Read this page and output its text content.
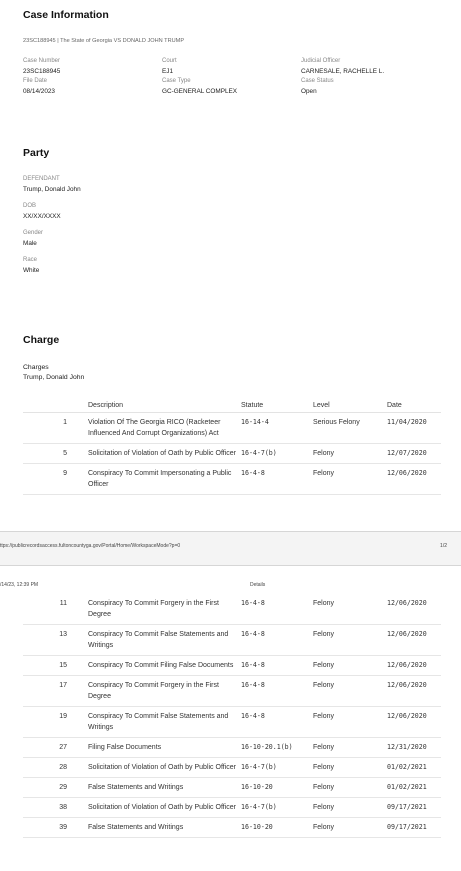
Case Information
23SC188945 | The State of Georgia VS DONALD JOHN TRUMP
Case Number
23SC188945
File Date
08/14/2023
Court
EJ1
Case Type
GC-GENERAL COMPLEX
Judicial Officer
CARNESALE, RACHELLE L.
Case Status
Open
Party
DEFENDANT
Trump, Donald John
DOB
XX/XX/XXXX
Gender
Male
Race
White
Charge
Charges
Trump, Donald John
	Description	Statute	Level	Date
1	Violation Of The Georgia RICO (Racketeer Influenced And Corrupt Organizations) Act	16-14-4	Serious Felony	11/04/2020
5	Solicitation of Violation of Oath by Public Officer	16-4-7(b)	Felony	12/07/2020
9	Conspiracy To Commit Impersonating a Public Officer	16-4-8	Felony	12/06/2020
ttps://publicrecordsaccess.fultoncountyga.gov/Portal/Home/WorkspaceMode?p=0	1/2
11	Conspiracy To Commit Forgery in the First Degree	16-4-8	Felony	12/06/2020
13	Conspiracy To Commit False Statements and Writings	16-4-8	Felony	12/06/2020
15	Conspiracy To Commit Filing False Documents	16-4-8	Felony	12/06/2020
17	Conspiracy To Commit Forgery in the First Degree	16-4-8	Felony	12/06/2020
19	Conspiracy To Commit False Statements and Writings	16-4-8	Felony	12/06/2020
27	Filing False Documents	16-10-20.1(b)	Felony	12/31/2020
28	Solicitation of Violation of Oath by Public Officer	16-4-7(b)	Felony	01/02/2021
29	False Statements and Writings	16-10-20	Felony	01/02/2021
38	Solicitation of Violation of Oath by Public Officer	16-4-7(b)	Felony	09/17/2021
39	False Statements and Writings	16-10-20	Felony	09/17/2021
/14/23, 12:39 PM	Details
